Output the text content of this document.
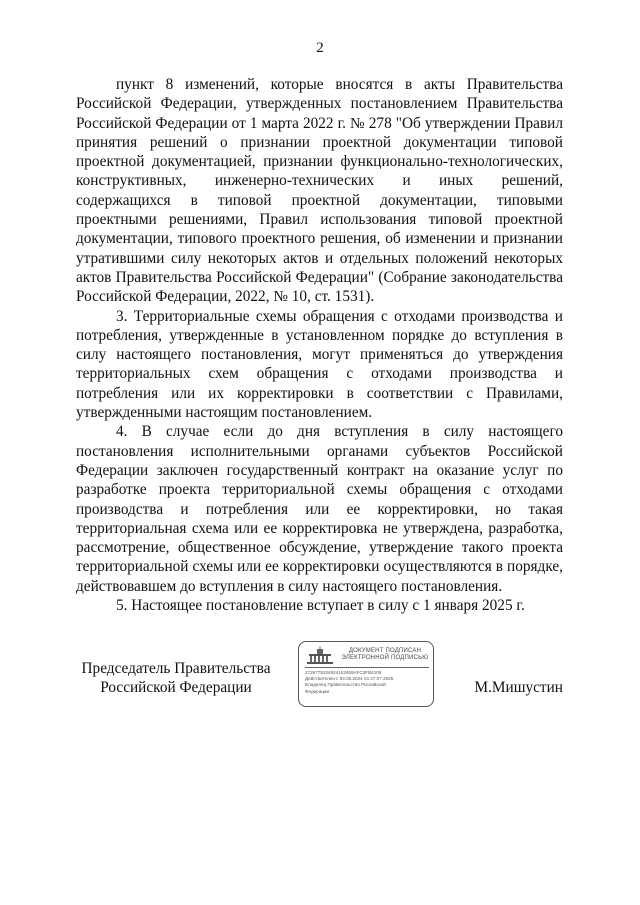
2

пункт 8 изменений, которые вносятся в акты Правительства Российской Федерации, утвержденных постановлением Правительства Российской Федерации от 1 марта 2022 г. № 278 "Об утверждении Правил принятия решений о признании проектной документации типовой проектной документацией, признании функционально-технологических, конструктивных, инженерно-технических и иных решений, содержащихся в типовой проектной документации, типовыми проектными решениями, Правил использования типовой проектной документации, типового проектного решения, об изменении и признании утратившими силу некоторых актов и отдельных положений некоторых актов Правительства Российской Федерации" (Собрание законодательства Российской Федерации, 2022, № 10, ст. 1531).

3. Территориальные схемы обращения с отходами производства и потребления, утвержденные в установленном порядке до вступления в силу настоящего постановления, могут применяться до утверждения территориальных схем обращения с отходами производства и потребления или их корректировки в соответствии с Правилами, утвержденными настоящим постановлением.

4. В случае если до дня вступления в силу настоящего постановления исполнительными органами субъектов Российской Федерации заключен государственный контракт на оказание услуг по разработке проекта территориальной схемы обращения с отходами производства и потребления или ее корректировки, но такая территориальная схема или ее корректировка не утверждена, разработка, рассмотрение, общественное обсуждение, утверждение такого проекта территориальной схемы или ее корректировки осуществляются в порядке, действовавшем до вступления в силу настоящего постановления.

5. Настоящее постановление вступает в силу с 1 января 2025 г.

Председатель Правительства
Российской Федерации
ДОКУМЕНТ ПОДПИСАН
ЭЛЕКТРОННОЙ ПОДПИСЬЮ
2726779104924152469AFC3FB4109
Действителен с 03.05.2024 по 27.07.2025
Владелец Правительство Российской
Федерации	М.Мишустин
